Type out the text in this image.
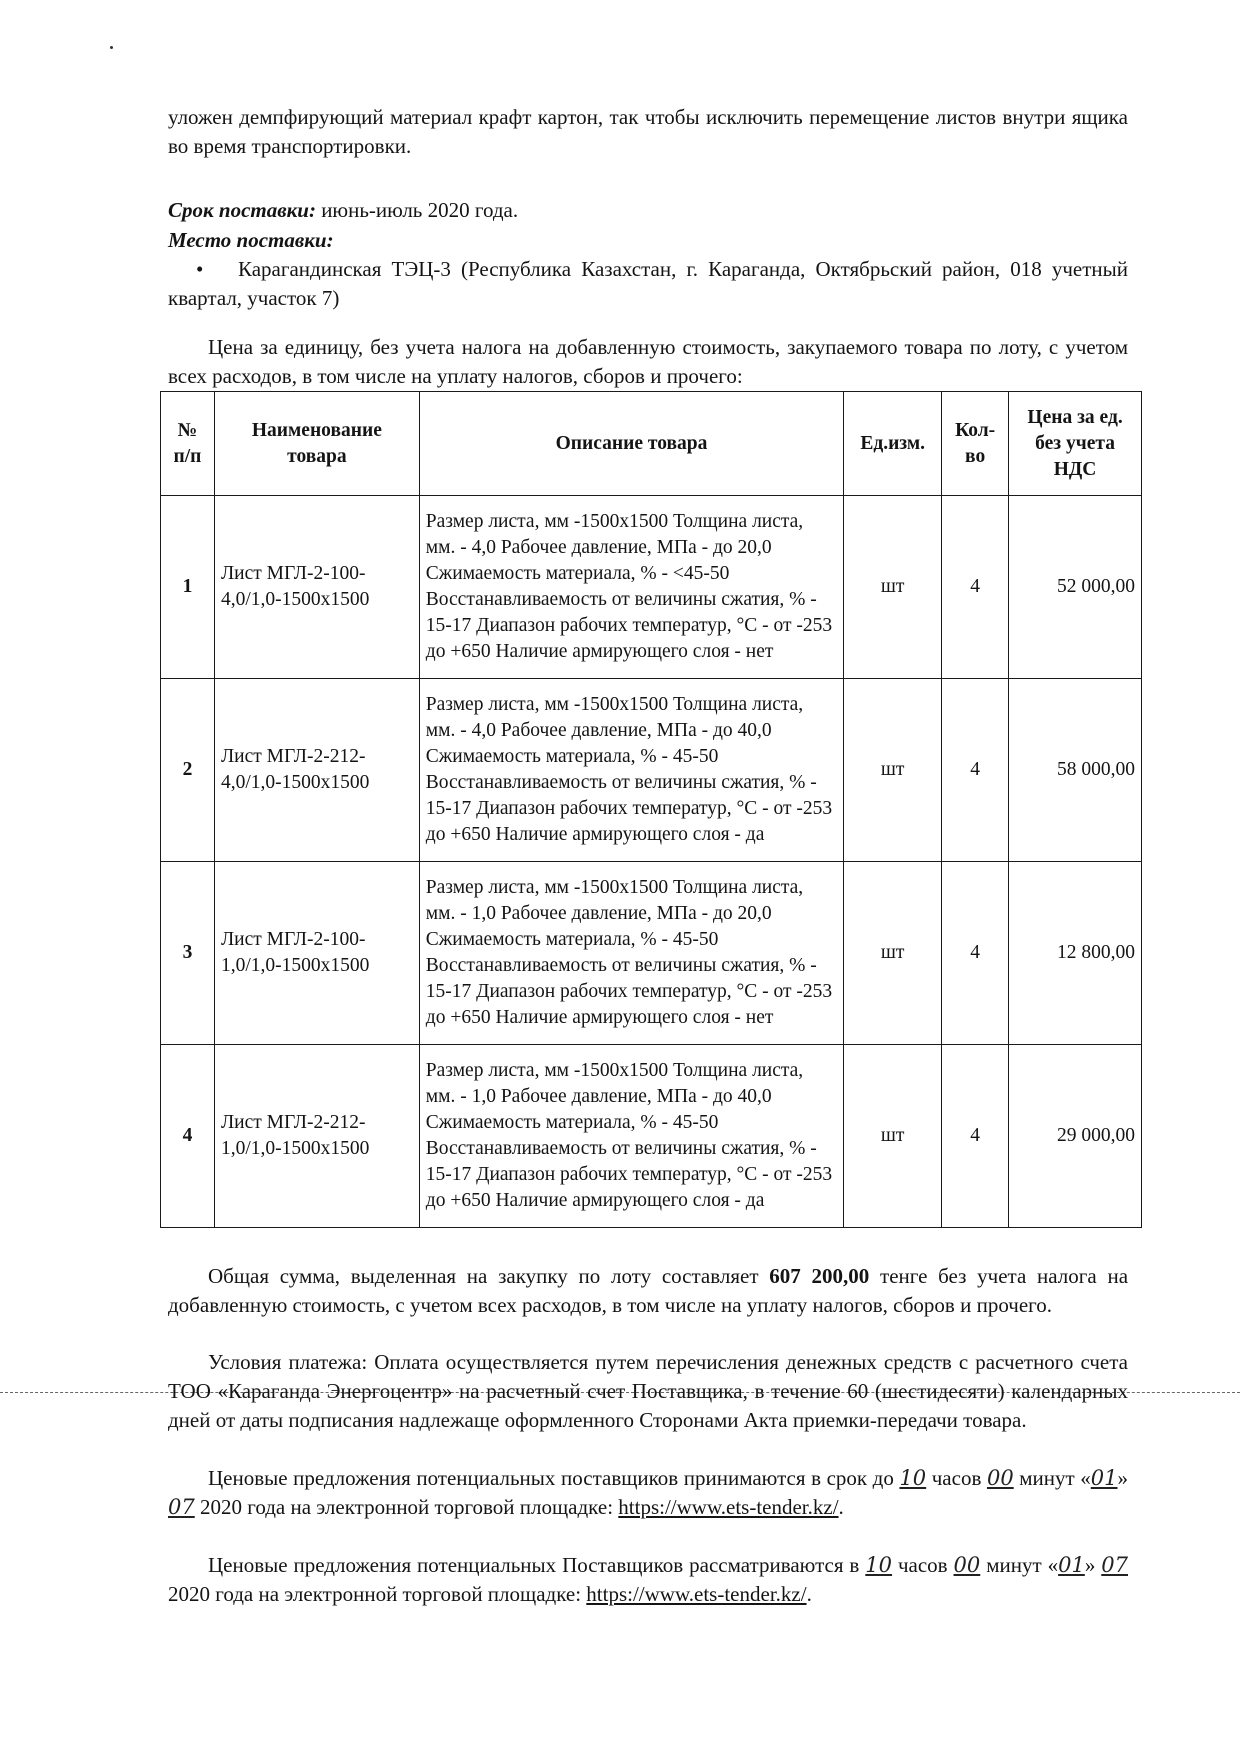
уложен демпфирующий материал крафт картон, так чтобы исключить перемещение листов внутри ящика во время транспортировки.
Срок поставки: июнь-июль 2020 года.
Место поставки:
• Карагандинская ТЭЦ-3 (Республика Казахстан, г. Караганда, Октябрьский район, 018 учетный квартал, участок 7)
Цена за единицу, без учета налога на добавленную стоимость, закупаемого товара по лоту, с учетом всех расходов, в том числе на уплату налогов, сборов и прочего:
№ п/п	Наименование товара	Описание товара	Ед.изм.	Кол-во	Цена за ед. без учета НДС
1	Лист МГЛ-2-100-4,0/1,0-1500х1500	Размер листа, мм -1500х1500 Толщина листа, мм. - 4,0 Рабочее давление, МПа - до 20,0 Сжимаемость материала, % - <45-50 Восстанавливаемость от величины сжатия, % - 15-17 Диапазон рабочих температур, °С - от -253 до +650 Наличие армирующего слоя - нет	шт	4	52 000,00
2	Лист МГЛ-2-212-4,0/1,0-1500х1500	Размер листа, мм -1500х1500 Толщина листа, мм. - 4,0 Рабочее давление, МПа - до 40,0 Сжимаемость материала, % - 45-50 Восстанавливаемость от величины сжатия, % - 15-17 Диапазон рабочих температур, °С - от -253 до +650 Наличие армирующего слоя - да	шт	4	58 000,00
3	Лист МГЛ-2-100-1,0/1,0-1500х1500	Размер листа, мм -1500х1500 Толщина листа, мм. - 1,0 Рабочее давление, МПа - до 20,0 Сжимаемость материала, % - 45-50 Восстанавливаемость от величины сжатия, % - 15-17 Диапазон рабочих температур, °С - от -253 до +650 Наличие армирующего слоя - нет	шт	4	12 800,00
4	Лист МГЛ-2-212-1,0/1,0-1500х1500	Размер листа, мм -1500х1500 Толщина листа, мм. - 1,0 Рабочее давление, МПа - до 40,0 Сжимаемость материала, % - 45-50 Восстанавливаемость от величины сжатия, % - 15-17 Диапазон рабочих температур, °С - от -253 до +650 Наличие армирующего слоя - да	шт	4	29 000,00
Общая сумма, выделенная на закупку по лоту составляет 607 200,00 тенге без учета налога на добавленную стоимость, с учетом всех расходов, в том числе на уплату налогов, сборов и прочего.
Условия платежа: Оплата осуществляется путем перечисления денежных средств с расчетного счета ТОО «Караганда Энергоцентр» на расчетный счет Поставщика, в течение 60 (шестидесяти) календарных дней от даты подписания надлежаще оформленного Сторонами Акта приемки-передачи товара.
Ценовые предложения потенциальных поставщиков принимаются в срок до 10 часов 00 минут «01» 07 2020 года на электронной торговой площадке: https://www.ets-tender.kz/.
Ценовые предложения потенциальных Поставщиков рассматриваются в 10 часов 00 минут «01» 07 2020 года на электронной торговой площадке: https://www.ets-tender.kz/.
